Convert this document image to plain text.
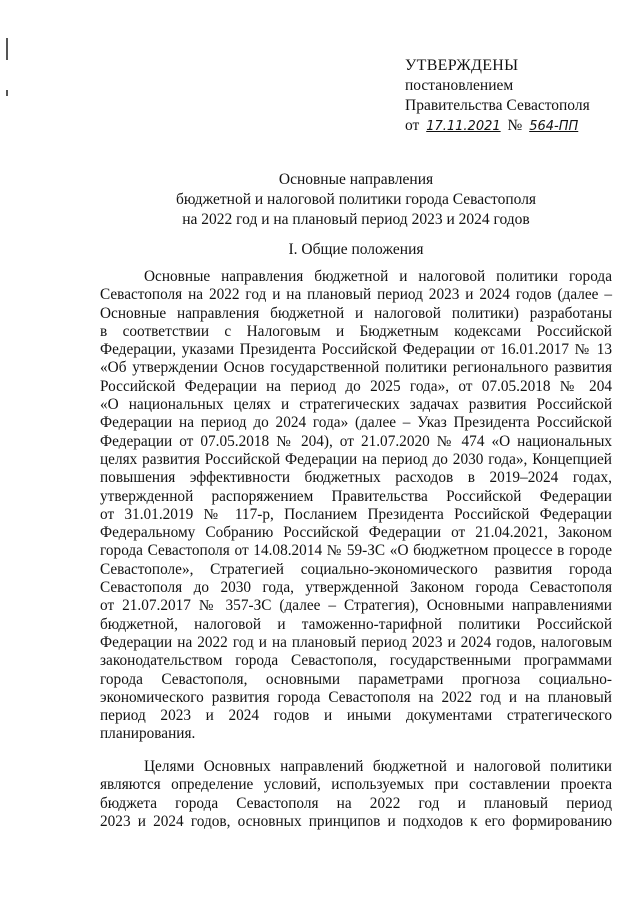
УТВЕРЖДЕНЫ
постановлением
Правительства Севастополя
от 17.11.2021 № 564-ПП
Основные направления
бюджетной и налоговой политики города Севастополя
на 2022 год и на плановый период 2023 и 2024 годов
I. Общие положения
Основные направления бюджетной и налоговой политики города
Севастополя на 2022 год и на плановый период 2023 и 2024 годов (далее –
Основные направления бюджетной и налоговой политики) разработаны
в соответствии с Налоговым и Бюджетным кодексами Российской
Федерации, указами Президента Российской Федерации от 16.01.2017 № 13
«Об утверждении Основ государственной политики регионального развития
Российской Федерации на период до 2025 года», от 07.05.2018 № 204
«О национальных целях и стратегических задачах развития Российской
Федерации на период до 2024 года» (далее – Указ Президента Российской
Федерации от 07.05.2018 № 204), от 21.07.2020 № 474 «О национальных
целях развития Российской Федерации на период до 2030 года», Концепцией
повышения эффективности бюджетных расходов в 2019–2024 годах,
утвержденной распоряжением Правительства Российской Федерации
от 31.01.2019 № 117-р, Посланием Президента Российской Федерации
Федеральному Собранию Российской Федерации от 21.04.2021, Законом
города Севастополя от 14.08.2014 № 59-ЗС «О бюджетном процессе в городе
Севастополе», Стратегией социально-экономического развития города
Севастополя до 2030 года, утвержденной Законом города Севастополя
от 21.07.2017 № 357-ЗС (далее – Стратегия), Основными направлениями
бюджетной, налоговой и таможенно-тарифной политики Российской
Федерации на 2022 год и на плановый период 2023 и 2024 годов, налоговым
законодательством города Севастополя, государственными программами
города Севастополя, основными параметрами прогноза социально-
экономического развития города Севастополя на 2022 год и на плановый
период 2023 и 2024 годов и иными документами стратегического
планирования.
Целями Основных направлений бюджетной и налоговой политики
являются определение условий, используемых при составлении проекта
бюджета города Севастополя на 2022 год и плановый период
2023 и 2024 годов, основных принципов и подходов к его формированию
